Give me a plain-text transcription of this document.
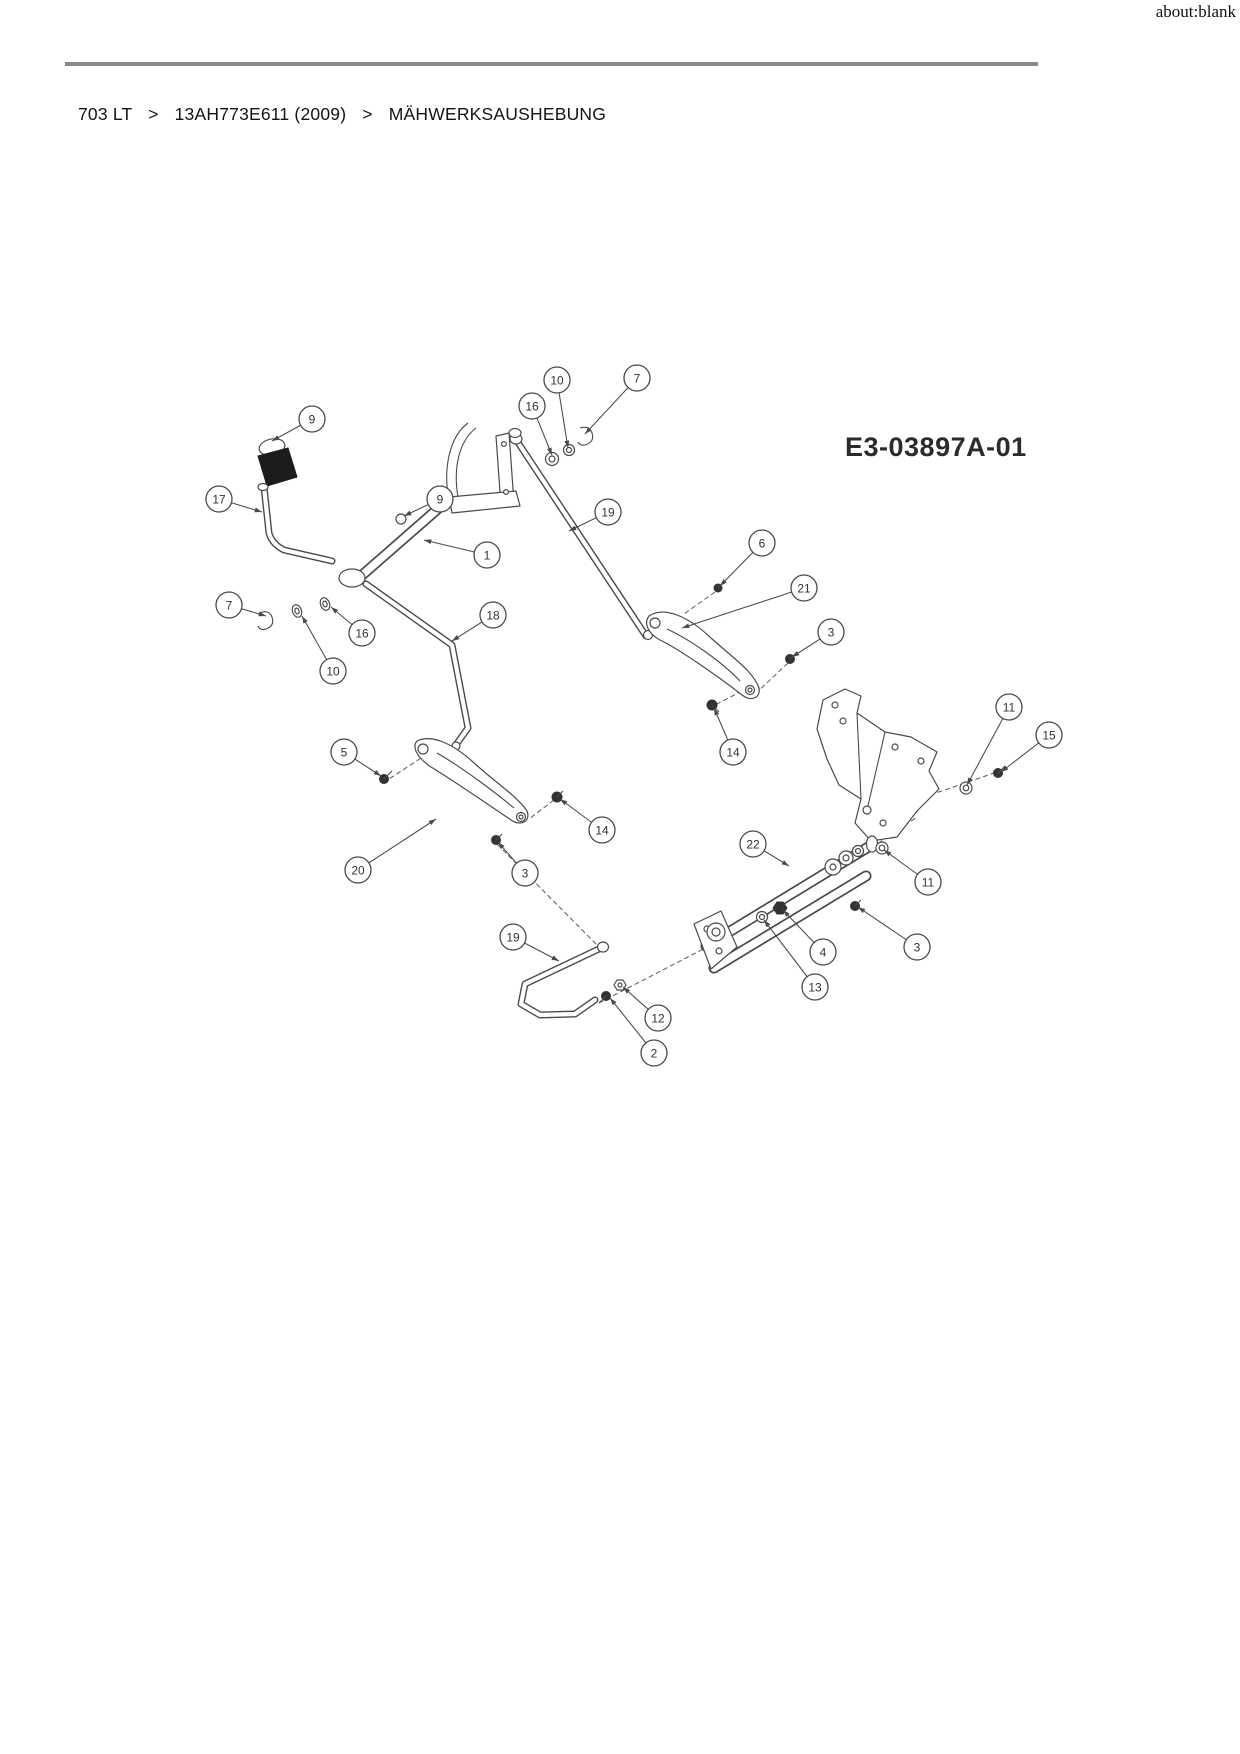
about:blank
703 LT > 13AH773E611 (2009) > MÄHWERKSAUSHEBUNG
E3-03897A-01
9
17	9
10
16
7
1
19
6
21
3
7
16
10
18
11
15
5
14
14
3
20
22
11
19
4	3
13
12
2
